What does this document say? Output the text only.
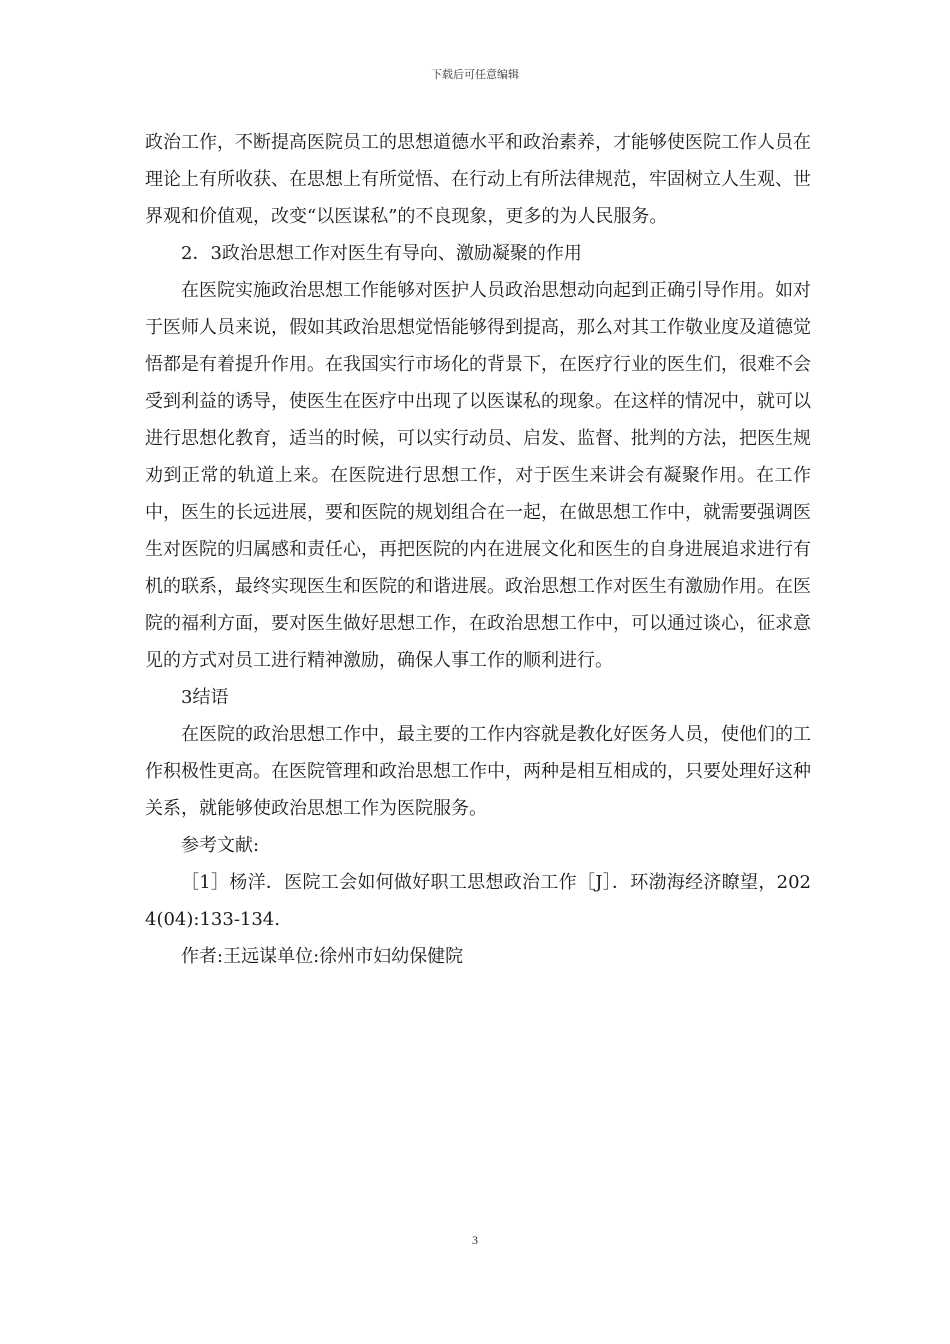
下载后可任意编辑

政治工作，不断提高医院员工的思想道德水平和政治素养，才能够使医院工作人员在理论上有所收获、在思想上有所觉悟、在行动上有所法律规范，牢固树立人生观、世界观和价值观，改变“以医谋私”的不良现象，更多的为人民服务。

2．3政治思想工作对医生有导向、激励凝聚的作用

在医院实施政治思想工作能够对医护人员政治思想动向起到正确引导作用。如对于医师人员来说，假如其政治思想觉悟能够得到提高，那么对其工作敬业度及道德觉悟都是有着提升作用。在我国实行市场化的背景下，在医疗行业的医生们，很难不会受到利益的诱导，使医生在医疗中出现了以医谋私的现象。在这样的情况中，就可以进行思想化教育，适当的时候，可以实行动员、启发、监督、批判的方法，把医生规劝到正常的轨道上来。在医院进行思想工作，对于医生来讲会有凝聚作用。在工作中，医生的长远进展，要和医院的规划组合在一起，在做思想工作中，就需要强调医生对医院的归属感和责任心，再把医院的内在进展文化和医生的自身进展追求进行有机的联系，最终实现医生和医院的和谐进展。政治思想工作对医生有激励作用。在医院的福利方面，要对医生做好思想工作，在政治思想工作中，可以通过谈心，征求意见的方式对员工进行精神激励，确保人事工作的顺利进行。

3结语

在医院的政治思想工作中，最主要的工作内容就是教化好医务人员，使他们的工作积极性更高。在医院管理和政治思想工作中，两种是相互相成的，只要处理好这种关系，就能够使政治思想工作为医院服务。

参考文献:

［1］杨洋．医院工会如何做好职工思想政治工作［J］．环渤海经济瞭望，2024(04):133-134.

作者:王远谋单位:徐州市妇幼保健院

3
